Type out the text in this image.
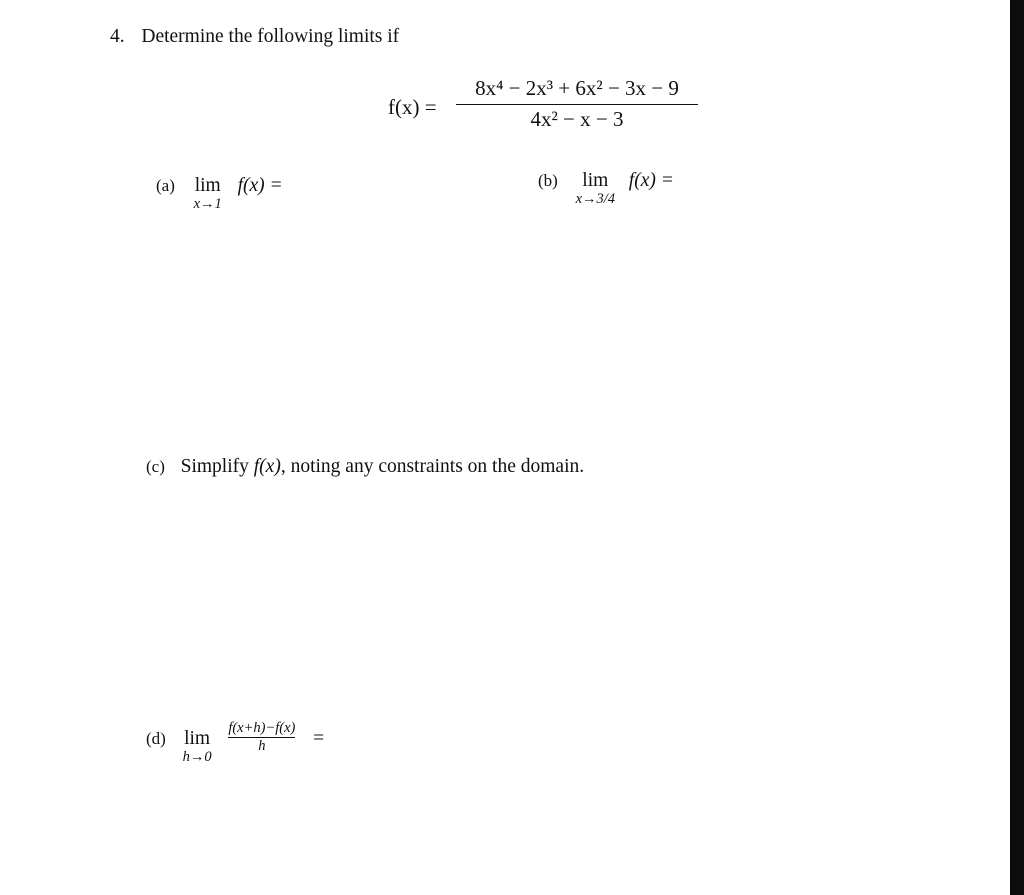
4. Determine the following limits if
f(x) =
8x⁴ − 2x³ + 6x² − 3x − 9
4x² − x − 3
(a) lim
x→1
f(x) =	(b)	lim
x→3/4
f(x) =
(c) Simplify f(x), noting any constraints on the domain.
(d) lim
h→0

$\frac{f(x+h)-f(x)}{h}$ =
